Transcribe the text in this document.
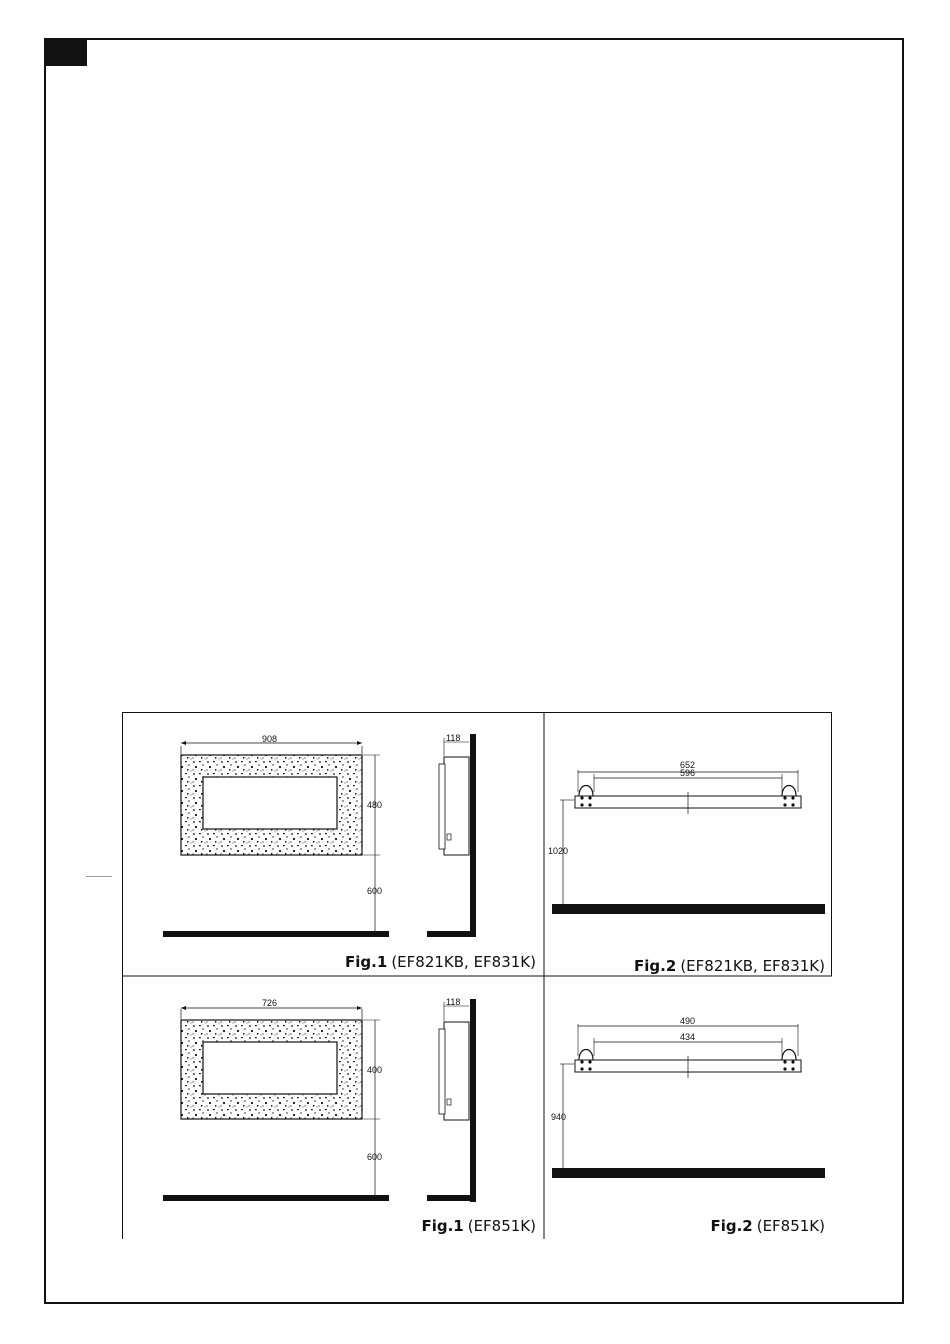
908
480
600
118
Fig.1 (EF821KB, EF831K)
652
596
1020
Fig.2 (EF821KB, EF831K)
726
400
600
118
Fig.1 (EF851K)
490
434
940
Fig.2 (EF851K)
